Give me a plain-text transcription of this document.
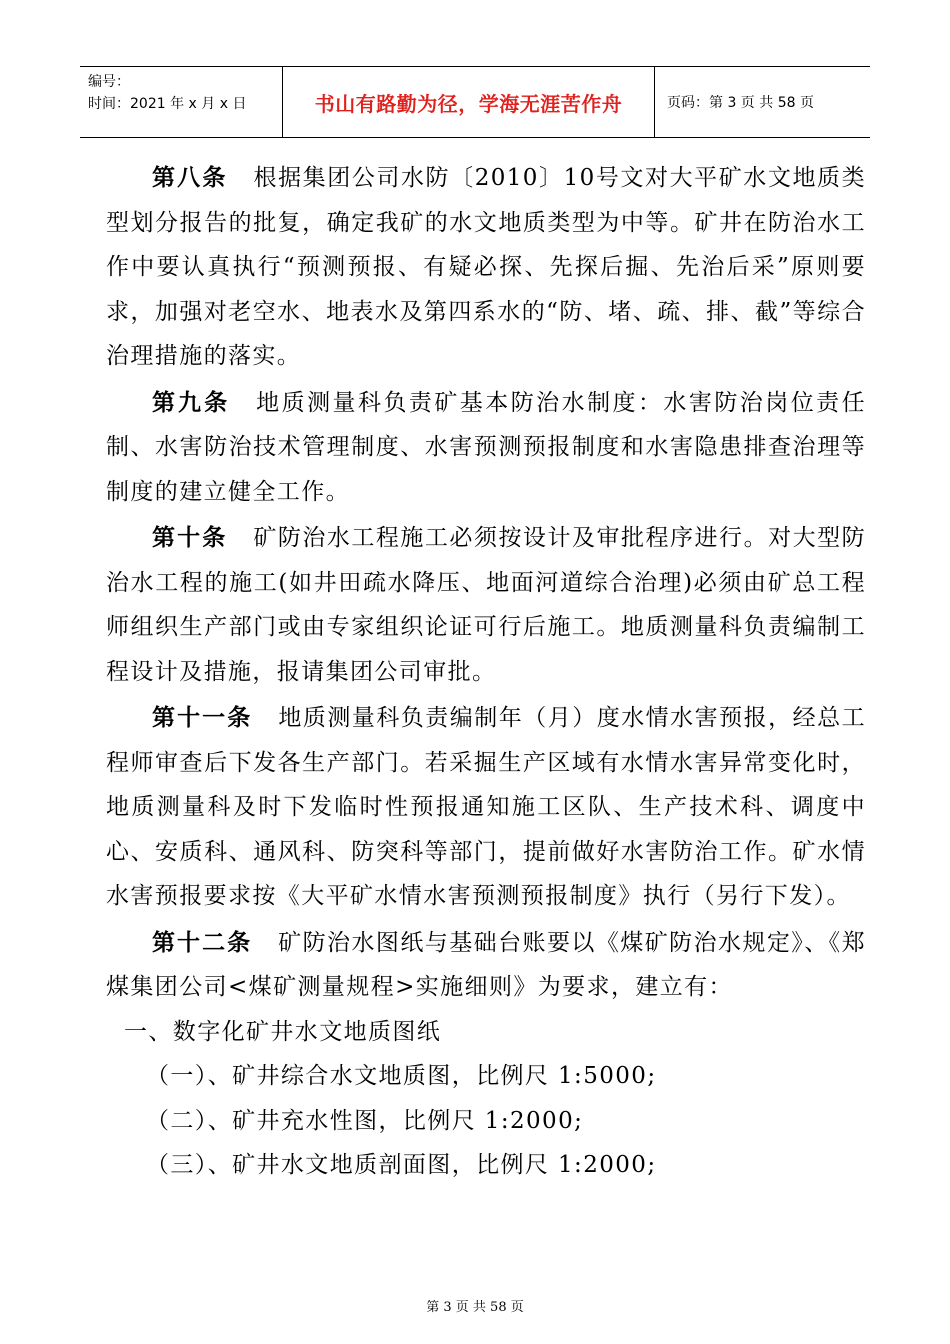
编号：
时间：2021 年 x 月 x 日	书山有路勤为径，学海无涯苦作舟	页码：第 3 页 共 58 页

第八条 根据集团公司水防〔2010〕10号文对大平矿水文地质类型划分报告的批复，确定我矿的水文地质类型为中等。矿井在防治水工作中要认真执行“预测预报、有疑必探、先探后掘、先治后采”原则要求，加强对老空水、地表水及第四系水的“防、堵、疏、排、截”等综合治理措施的落实。

第九条 地质测量科负责矿基本防治水制度：水害防治岗位责任制、水害防治技术管理制度、水害预测预报制度和水害隐患排查治理等制度的建立健全工作。

第十条 矿防治水工程施工必须按设计及审批程序进行。对大型防治水工程的施工(如井田疏水降压、地面河道综合治理)必须由矿总工程师组织生产部门或由专家组织论证可行后施工。地质测量科负责编制工程设计及措施，报请集团公司审批。

第十一条 地质测量科负责编制年（月）度水情水害预报，经总工程师审查后下发各生产部门。若采掘生产区域有水情水害异常变化时，地质测量科及时下发临时性预报通知施工区队、生产技术科、调度中心、安质科、通风科、防突科等部门，提前做好水害防治工作。矿水情水害预报要求按《大平矿水情水害预测预报制度》执行（另行下发）。

第十二条 矿防治水图纸与基础台账要以《煤矿防治水规定》、《郑煤集团公司<煤矿测量规程>实施细则》为要求，建立有：

一、数字化矿井水文地质图纸

（一）、矿井综合水文地质图，比例尺 1:5000;

（二）、矿井充水性图，比例尺 1:2000;

（三）、矿井水文地质剖面图，比例尺 1:2000;

第 3 页 共 58 页
